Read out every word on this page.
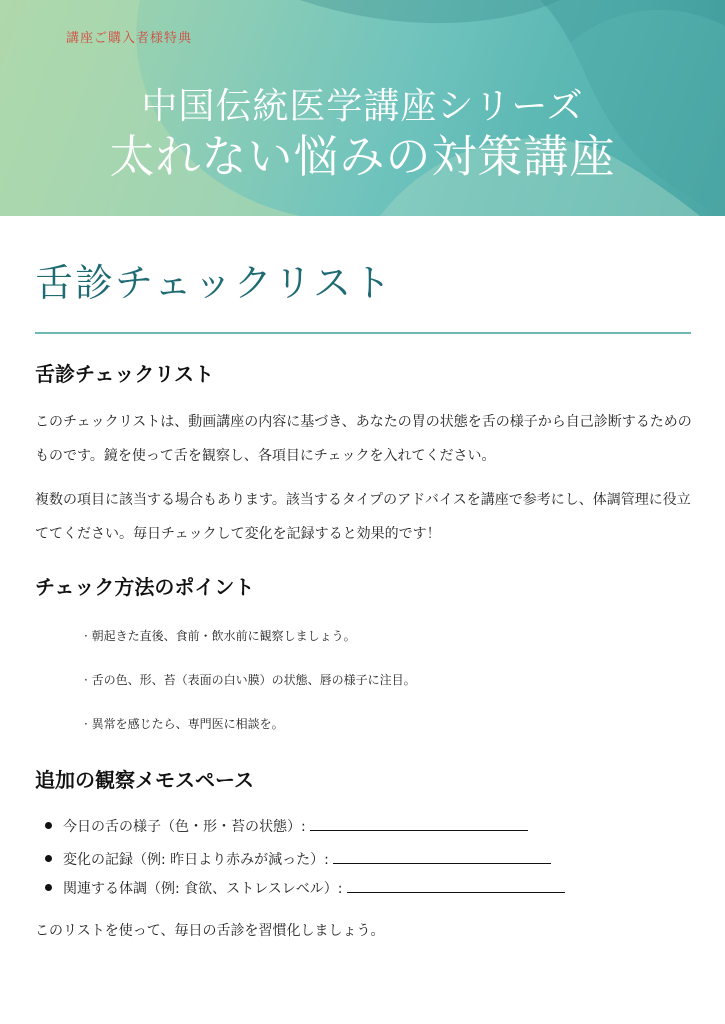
講座ご購入者様特典
中国伝統医学講座シリーズ
太れない悩みの対策講座
舌診チェックリスト
舌診チェックリスト

このチェックリストは、動画講座の内容に基づき、あなたの胃の状態を舌の様子から自己診断するためのものです。鏡を使って舌を観察し、各項目にチェックを入れてください。

複数の項目に該当する場合もあります。該当するタイプのアドバイスを講座で参考にし、体調管理に役立ててください。毎日チェックして変化を記録すると効果的です！

チェック方法のポイント
· 朝起きた直後、食前・飲水前に観察しましょう。
· 舌の色、形、苔（表面の白い膜）の状態、唇の様子に注目。
· 異常を感じたら、専門医に相談を。
追加の観察メモスペース
今日の舌の様子（色・形・苔の状態）:
変化の記録（例: 昨日より赤みが減った）:
関連する体調（例: 食欲、ストレスレベル）:
このリストを使って、毎日の舌診を習慣化しましょう。
